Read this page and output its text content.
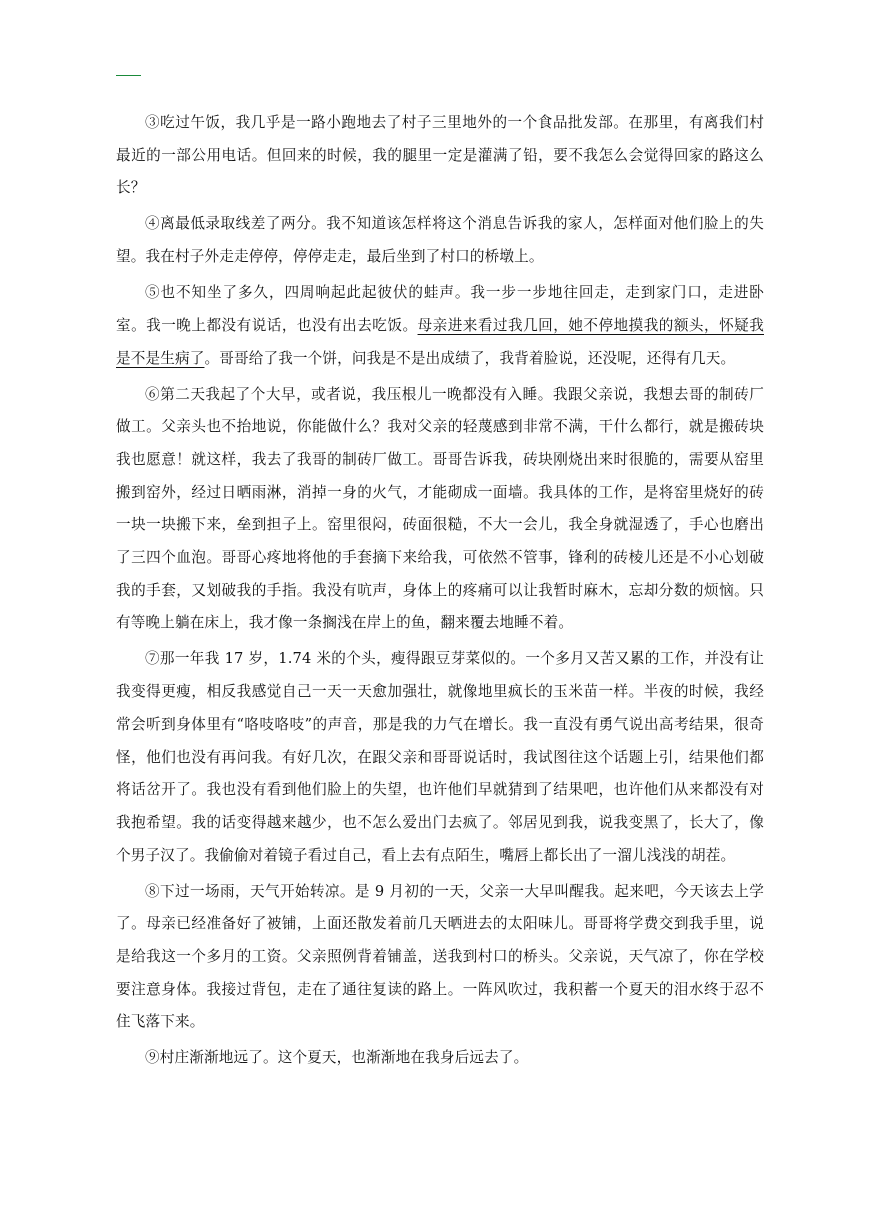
③吃过午饭，我几乎是一路小跑地去了村子三里地外的一个食品批发部。在那里，有离我们村最近的一部公用电话。但回来的时候，我的腿里一定是灌满了铅，要不我怎么会觉得回家的路这么长？

④离最低录取线差了两分。我不知道该怎样将这个消息告诉我的家人，怎样面对他们脸上的失望。我在村子外走走停停，停停走走，最后坐到了村口的桥墩上。

⑤也不知坐了多久，四周响起此起彼伏的蛙声。我一步一步地往回走，走到家门口，走进卧室。我一晚上都没有说话，也没有出去吃饭。母亲进来看过我几回，她不停地摸我的额头，怀疑我是不是生病了。哥哥给了我一个饼，问我是不是出成绩了，我背着脸说，还没呢，还得有几天。

⑥第二天我起了个大早，或者说，我压根儿一晚都没有入睡。我跟父亲说，我想去哥的制砖厂做工。父亲头也不抬地说，你能做什么？我对父亲的轻蔑感到非常不满，干什么都行，就是搬砖块我也愿意！就这样，我去了我哥的制砖厂做工。哥哥告诉我，砖块刚烧出来时很脆的，需要从窑里搬到窑外，经过日晒雨淋，消掉一身的火气，才能砌成一面墙。我具体的工作，是将窑里烧好的砖一块一块搬下来，垒到担子上。窑里很闷，砖面很糙，不大一会儿，我全身就湿透了，手心也磨出了三四个血泡。哥哥心疼地将他的手套摘下来给我，可依然不管事，锋利的砖棱儿还是不小心划破我的手套，又划破我的手指。我没有吭声，身体上的疼痛可以让我暂时麻木，忘却分数的烦恼。只有等晚上躺在床上，我才像一条搁浅在岸上的鱼，翻来覆去地睡不着。

⑦那一年我 17 岁，1.74 米的个头，瘦得跟豆芽菜似的。一个多月又苦又累的工作，并没有让我变得更瘦，相反我感觉自己一天一天愈加强壮，就像地里疯长的玉米苗一样。半夜的时候，我经常会听到身体里有“咯吱咯吱”的声音，那是我的力气在增长。我一直没有勇气说出高考结果，很奇怪，他们也没有再问我。有好几次，在跟父亲和哥哥说话时，我试图往这个话题上引，结果他们都将话岔开了。我也没有看到他们脸上的失望，也许他们早就猜到了结果吧，也许他们从来都没有对我抱希望。我的话变得越来越少，也不怎么爱出门去疯了。邻居见到我，说我变黑了，长大了，像个男子汉了。我偷偷对着镜子看过自己，看上去有点陌生，嘴唇上都长出了一溜儿浅浅的胡茬。

⑧下过一场雨，天气开始转凉。是 9 月初的一天，父亲一大早叫醒我。起来吧，今天该去上学了。母亲已经准备好了被铺，上面还散发着前几天晒进去的太阳味儿。哥哥将学费交到我手里，说是给我这一个多月的工资。父亲照例背着铺盖，送我到村口的桥头。父亲说，天气凉了，你在学校要注意身体。我接过背包，走在了通往复读的路上。一阵风吹过，我积蓄一个夏天的泪水终于忍不住飞落下来。

⑨村庄渐渐地远了。这个夏天，也渐渐地在我身后远去了。
